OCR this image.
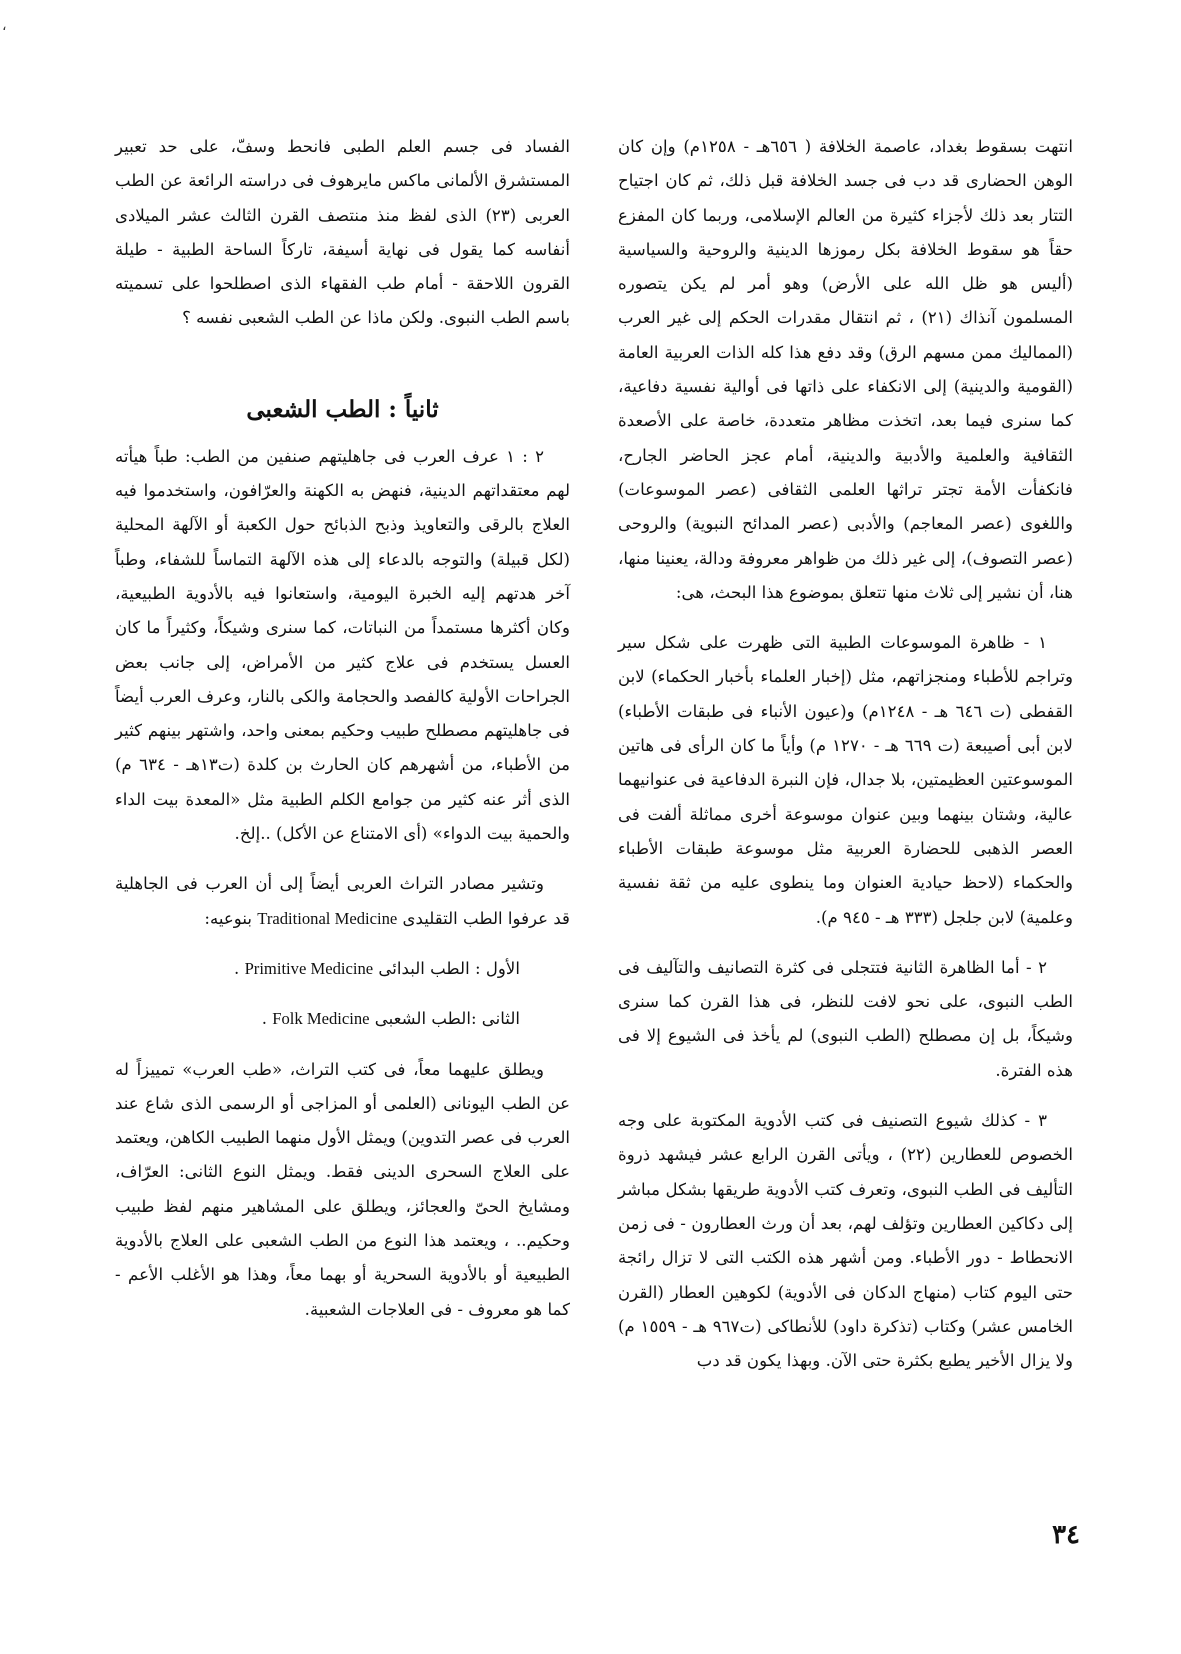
،

انتهت بسقوط بغداد، عاصمة الخلافة ( ٦٥٦هـ - ١٢٥٨م) وإن كان الوهن الحضارى قد دب فى جسد الخلافة قبل ذلك، ثم كان اجتياح التتار بعد ذلك لأجزاء كثيرة من العالم الإسلامى، وربما كان المفزع حقاً هو سقوط الخلافة بكل رموزها الدينية والروحية والسياسية (أليس هو ظل الله على الأرض) وهو أمر لم يكن يتصوره المسلمون آنذاك (٢١) ، ثم انتقال مقدرات الحكم إلى غير العرب (المماليك ممن مسهم الرق) وقد دفع هذا كله الذات العربية العامة (القومية والدينية) إلى الانكفاء على ذاتها فى أوالية نفسية دفاعية، كما سنرى فيما بعد، اتخذت مظاهر متعددة، خاصة على الأصعدة الثقافية والعلمية والأدبية والدينية، أمام عجز الحاضر الجارح، فانكفأت الأمة تجتر تراثها العلمى الثقافى (عصر الموسوعات) واللغوى (عصر المعاجم) والأدبى (عصر المدائح النبوية) والروحى (عصر التصوف)، إلى غير ذلك من ظواهر معروفة ودالة، يعنينا منها، هنا، أن نشير إلى ثلاث منها تتعلق بموضوع هذا البحث، هى:

١ - ظاهرة الموسوعات الطبية التى ظهرت على شكل سير وتراجم للأطباء ومنجزاتهم، مثل (إخبار العلماء بأخبار الحكماء) لابن القفطى (ت ٦٤٦ هـ - ١٢٤٨م) و(عيون الأنباء فى طبقات الأطباء) لابن أبى أصيبعة (ت ٦٦٩ هـ - ١٢٧٠ م) وأياً ما كان الرأى فى هاتين الموسوعتين العظيمتين، بلا جدال، فإن النبرة الدفاعية فى عنوانيهما عالية، وشتان بينهما وبين عنوان موسوعة أخرى مماثلة ألفت فى العصر الذهبى للحضارة العربية مثل موسوعة طبقات الأطباء والحكماء (لاحظ حيادية العنوان وما ينطوى عليه من ثقة نفسية وعلمية) لابن جلجل (٣٣٣ هـ - ٩٤٥ م).

٢ - أما الظاهرة الثانية فتتجلى فى كثرة التصانيف والتآليف فى الطب النبوى، على نحو لافت للنظر، فى هذا القرن كما سنرى وشيكاً، بل إن مصطلح (الطب النبوى) لم يأخذ فى الشيوع إلا فى هذه الفترة.

٣ - كذلك شيوع التصنيف فى كتب الأدوية المكتوبة على وجه الخصوص للعطارين (٢٢) ، ويأتى القرن الرابع عشر فيشهد ذروة التأليف فى الطب النبوى، وتعرف كتب الأدوية طريقها بشكل مباشر إلى دكاكين العطارين وتؤلف لهم، بعد أن ورث العطارون - فى زمن الانحطاط - دور الأطباء. ومن أشهر هذه الكتب التى لا تزال رائجة حتى اليوم كتاب (منهاج الدكان فى الأدوية) لكوهين العطار (القرن الخامس عشر) وكتاب (تذكرة داود) للأنطاكى (ت٩٦٧ هـ - ١٥٥٩ م) ولا يزال الأخير يطبع بكثرة حتى الآن. وبهذا يكون قد دب

الفساد فى جسم العلم الطبى فانحط وسفّ، على حد تعبير المستشرق الألمانى ماكس مايرهوف فى دراسته الرائعة عن الطب العربى (٢٣) الذى لفظ منذ منتصف القرن الثالث عشر الميلادى أنفاسه كما يقول فى نهاية أسيفة، تاركاً الساحة الطبية - طيلة القرون اللاحقة - أمام طب الفقهاء الذى اصطلحوا على تسميته باسم الطب النبوى. ولكن ماذا عن الطب الشعبى نفسه ؟

ثانياً : الطب الشعبى

٢ : ١ عرف العرب فى جاهليتهم صنفين من الطب: طباً هيأته لهم معتقداتهم الدينية، فنهض به الكهنة والعرّافون، واستخدموا فيه العلاج بالرقى والتعاويذ وذبح الذبائح حول الكعبة أو الآلهة المحلية (لكل قبيلة) والتوجه بالدعاء إلى هذه الآلهة التماساً للشفاء، وطباً آخر هدتهم إليه الخبرة اليومية، واستعانوا فيه بالأدوية الطبيعية، وكان أكثرها مستمداً من النباتات، كما سنرى وشيكاً، وكثيراً ما كان العسل يستخدم فى علاج كثير من الأمراض، إلى جانب بعض الجراحات الأولية كالفصد والحجامة والكى بالنار، وعرف العرب أيضاً فى جاهليتهم مصطلح طبيب وحكيم بمعنى واحد، واشتهر بينهم كثير من الأطباء، من أشهرهم كان الحارث بن كلدة (ت١٣هـ - ٦٣٤ م) الذى أثر عنه كثير من جوامع الكلم الطبية مثل «المعدة بيت الداء والحمية بيت الدواء» (أى الامتناع عن الأكل) ..إلخ.

وتشير مصادر التراث العربى أيضاً إلى أن العرب فى الجاهلية قد عرفوا الطب التقليدى Traditional Medicine بنوعيه:

الأول : الطب البدائى Primitive Medicine .

الثانى :الطب الشعبى Folk Medicine .

ويطلق عليهما معاً، فى كتب التراث، «طب العرب» تمييزاً له عن الطب اليونانى (العلمى أو المزاجى أو الرسمى الذى شاع عند العرب فى عصر التدوين) ويمثل الأول منهما الطبيب الكاهن، ويعتمد على العلاج السحرى الدينى فقط. ويمثل النوع الثانى: العرّاف، ومشايخ الحىّ والعجائز، ويطلق على المشاهير منهم لفظ طبيب وحكيم.. ، ويعتمد هذا النوع من الطب الشعبى على العلاج بالأدوية الطبيعية أو بالأدوية السحرية أو بهما معاً، وهذا هو الأغلب الأعم - كما هو معروف - فى العلاجات الشعبية.

٣٤
